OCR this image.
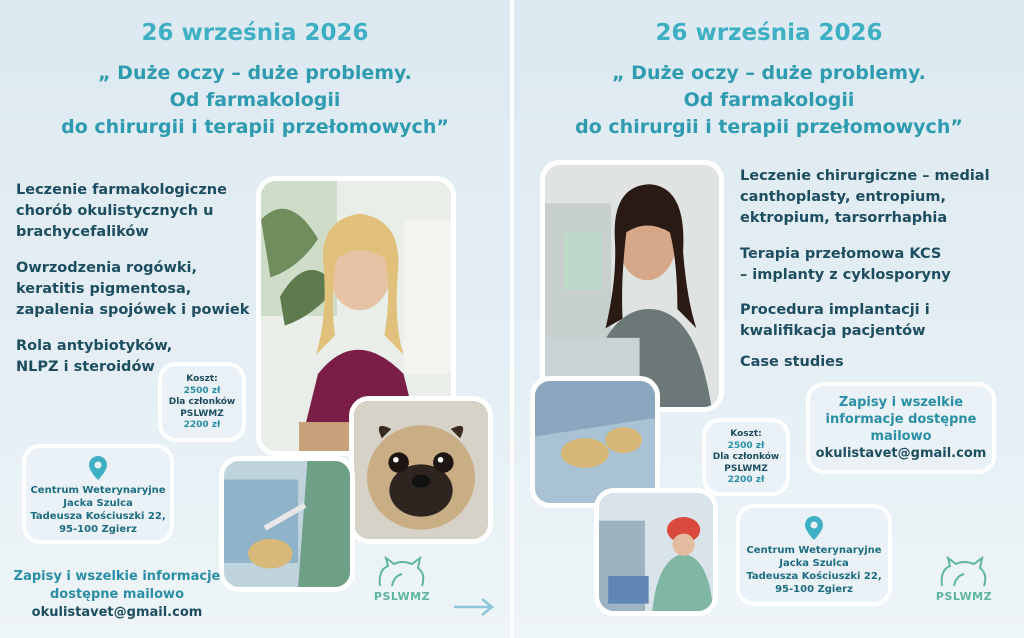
26 września 2026
„ Duże oczy – duże problemy.
Od farmakologii
do chirurgii i terapii przełomowych”
Leczenie farmakologiczne
chorób okulistycznych u
brachycefalików
Owrzodzenia rogówki,
keratitis pigmentosa,
zapalenia spojówek i powiek
Rola antybiotyków,
NLPZ i steroidów
Koszt:
2500 zł
Dla członków
PSLWMZ
2200 zł
Centrum Weterynaryjne
Jacka Szulca
Tadeusza Kościuszki 22,
95-100 Zgierz
Zapisy i wszelkie informacje
dostępne mailowo
okulistavet@gmail.com
PSLWMZ
26 września 2026
„ Duże oczy – duże problemy.
Od farmakologii
do chirurgii i terapii przełomowych”
Leczenie chirurgiczne – medial
canthoplasty, entropium,
ektropium, tarsorrhaphia
Terapia przełomowa KCS
– implanty z cyklosporyny
Procedura implantacji i
kwalifikacja pacjentów
Case studies
Zapisy i wszelkie
informacje dostępne
mailowo
okulistavet@gmail.com
Koszt:
2500 zł
Dla członków
PSLWMZ
2200 zł
Centrum Weterynaryjne
Jacka Szulca
Tadeusza Kościuszki 22,
95-100 Zgierz
PSLWMZ
